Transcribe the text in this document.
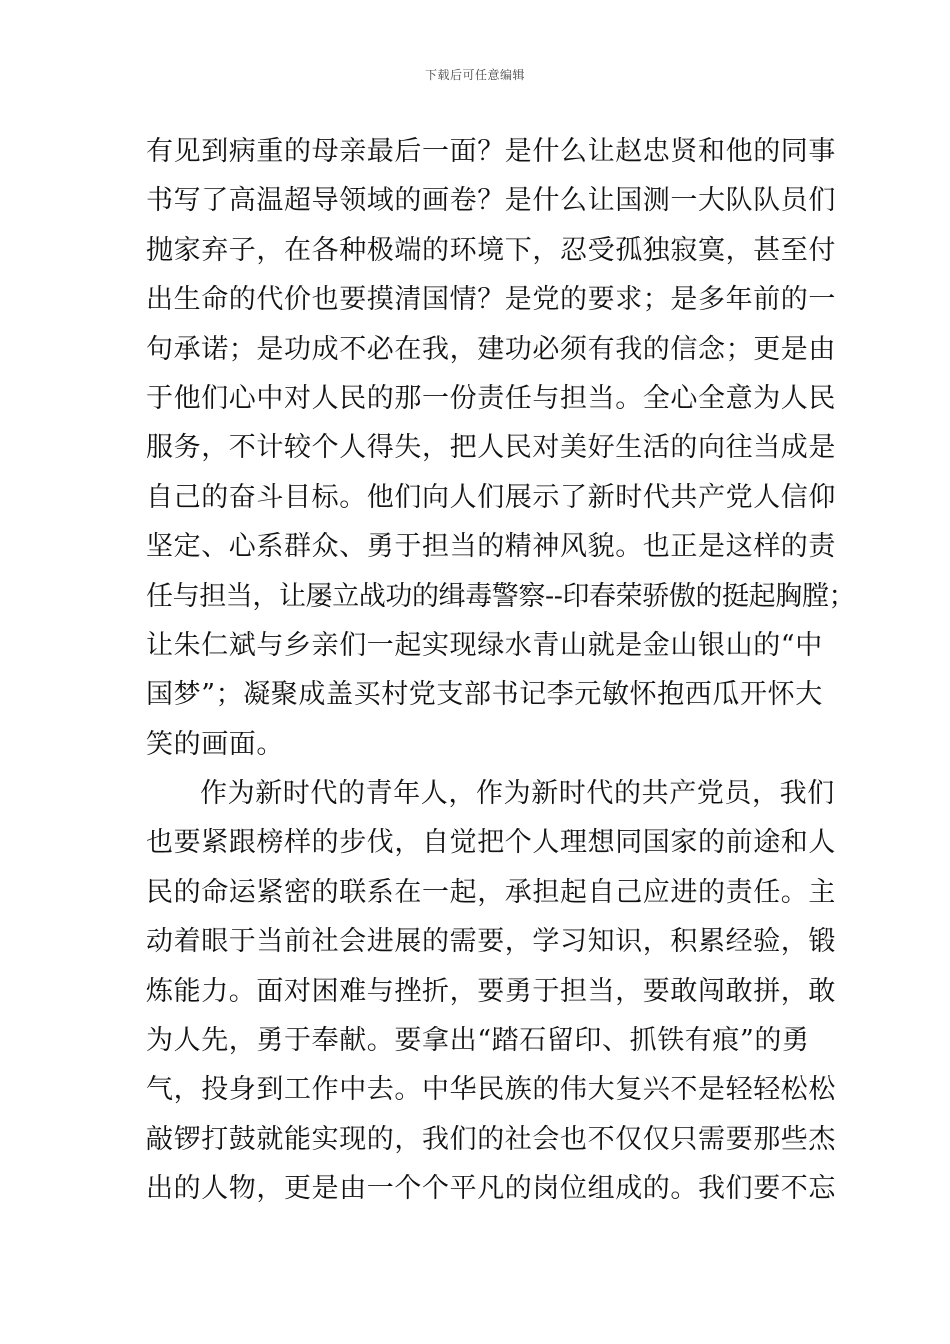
下载后可任意编辑
有见到病重的母亲最后一面？是什么让赵忠贤和他的同事
书写了高温超导领域的画卷？是什么让国测一大队队员们
抛家弃子，在各种极端的环境下，忍受孤独寂寞，甚至付
出生命的代价也要摸清国情？是党的要求；是多年前的一
句承诺；是功成不必在我，建功必须有我的信念；更是由
于他们心中对人民的那一份责任与担当。全心全意为人民
服务，不计较个人得失，把人民对美好生活的向往当成是
自己的奋斗目标。他们向人们展示了新时代共产党人信仰
坚定、心系群众、勇于担当的精神风貌。也正是这样的责
任与担当，让屡立战功的缉毒警察--印春荣骄傲的挺起胸膛；
让朱仁斌与乡亲们一起实现绿水青山就是金山银山的“中
国梦”；凝聚成盖买村党支部书记李元敏怀抱西瓜开怀大
笑的画面。
作为新时代的青年人，作为新时代的共产党员，我们
也要紧跟榜样的步伐，自觉把个人理想同国家的前途和人
民的命运紧密的联系在一起，承担起自己应进的责任。主
动着眼于当前社会进展的需要，学习知识，积累经验，锻
炼能力。面对困难与挫折，要勇于担当，要敢闯敢拼，敢
为人先，勇于奉献。要拿出“踏石留印、抓铁有痕”的勇
气，投身到工作中去。中华民族的伟大复兴不是轻轻松松
敲锣打鼓就能实现的，我们的社会也不仅仅只需要那些杰
出的人物，更是由一个个平凡的岗位组成的。我们要不忘
